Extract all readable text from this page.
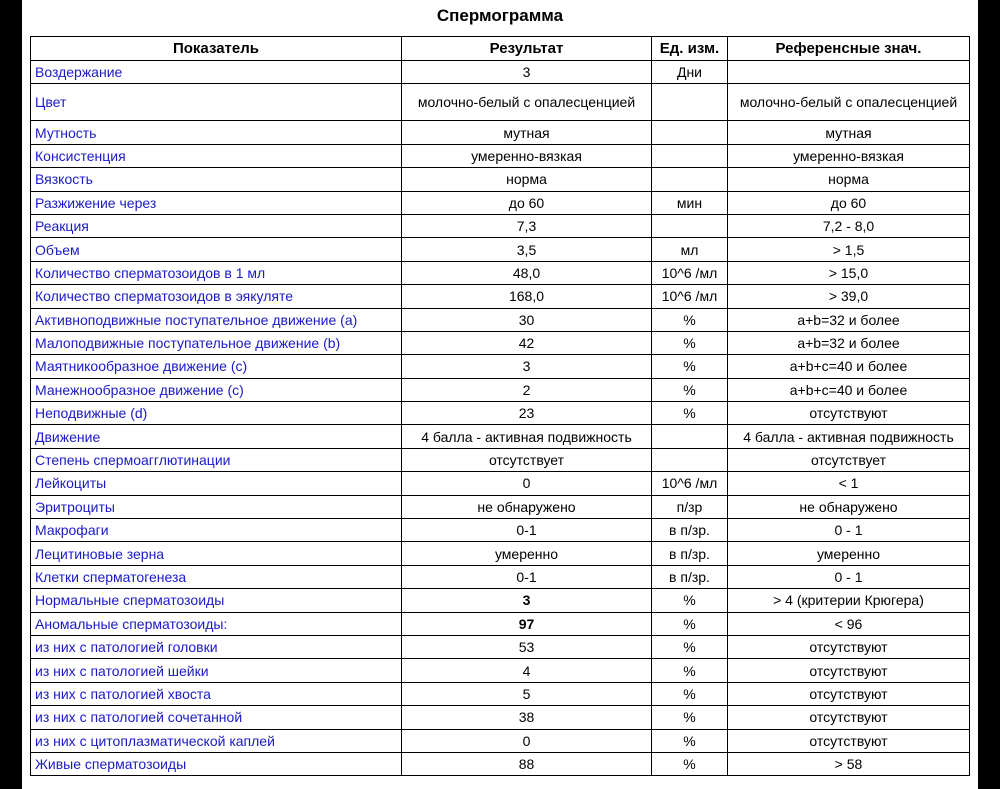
Спермограмма
Показатель	Результат	Ед. изм.	Референсные знач.
Воздержание	3	Дни	
Цвет	молочно-белый с опалесценцией		молочно-белый с опалесценцией
Мутность	мутная		мутная
Консистенция	умеренно-вязкая		умеренно-вязкая
Вязкость	норма		норма
Разжижение через	до 60	мин	до 60
Реакция	7,3		7,2 - 8,0
Объем	3,5	мл	> 1,5
Количество сперматозоидов в 1 мл	48,0	10^6 /мл	> 15,0
Количество сперматозоидов в эякуляте	168,0	10^6 /мл	> 39,0
Активноподвижные поступательное движение (а)	30	%	a+b=32 и более
Малоподвижные поступательное движение (b)	42	%	a+b=32 и более
Маятникообразное движение (c)	3	%	a+b+c=40 и более
Манежнообразное движение (c)	2	%	a+b+c=40 и более
Неподвижные (d)	23	%	отсутствуют
Движение	4 балла - активная подвижность		4 балла - активная подвижность
Степень спермоагглютинации	отсутствует		отсутствует
Лейкоциты	0	10^6 /мл	< 1
Эритроциты	не обнаружено	п/зр	не обнаружено
Макрофаги	0-1	в п/зр.	0 - 1
Лецитиновые зерна	умеренно	в п/зр.	умеренно
Клетки сперматогенеза	0-1	в п/зр.	0 - 1
Нормальные сперматозоиды	3	%	> 4 (критерии Крюгера)
Аномальные сперматозоиды:	97	%	< 96
из них с патологией головки	53	%	отсутствуют
из них с патологией шейки	4	%	отсутствуют
из них с патологией хвоста	5	%	отсутствуют
из них с патологией сочетанной	38	%	отсутствуют
из них с цитоплазматической каплей	0	%	отсутствуют
Живые сперматозоиды	88	%	> 58
